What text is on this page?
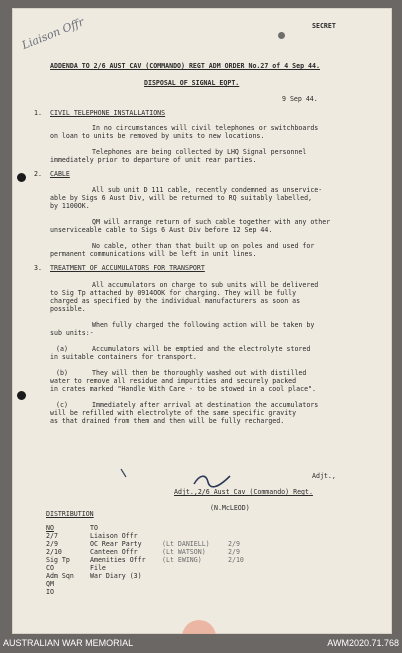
Liaison Offr	SECRET

ADDENDA TO 2/6 AUST CAV (COMMANDO) REGT ADM ORDER No.27 of 4 Sep 44.

DISPOSAL OF SIGNAL EQPT.

9 Sep 44.

1. CIVIL TELEPHONE INSTALLATIONS

In no circumstances will civil telephones or switchboards

on loan to units be removed by units to new locations.

Telephones are being collected by LHQ Signal personnel

immediately prior to departure of unit rear parties.

2. CABLE

All sub unit D 111 cable, recently condemned as unservice-

able by Sigs 6 Aust Div, will be returned to RQ suitably labelled,

by 1100OK.

QM will arrange return of such cable together with any other

unserviceable cable to Sigs 6 Aust Div before 12 Sep 44.

No cable, other than that built up on poles and used for

permanent communications will be left in unit lines.

3. TREATMENT OF ACCUMULATORS FOR TRANSPORT

All accumulators on charge to sub units will be delivered

to Sig Tp attached by 0914OOK for charging. They will be fully

charged as specified by the individual manufacturers as soon as

possible.

When fully charged the following action will be taken by

sub units:-

(a)	Accumulators will be emptied and the electrolyte stored

in suitable containers for transport.

(b)	They will then be thoroughly washed out with distilled

water to remove all residue and impurities and securely packed

in crates marked "Handle With Care - to be stowed in a cool place".

(c)	Immediately after arrival at destination the accumulators

will be refilled with electrolyte of the same specific gravity

as that drained from them and then will be fully recharged.

Adjt.,

Adjt.,2/6 Aust Cav (Commando) Regt.

(N.McLEOD)

DISTRIBUTION

NO	TO

2/7	Liaison Offr

2/9	OC Rear Party	(Lt DANIELL)	2/9

2/10	Canteen Offr	(Lt WATSON)	2/9

Sig Tp	Amenities Offr (Lt EWING)	2/10

CO	File

Adm Sqn War Diary (3)

QM

IO

AUSTRALIAN WAR MEMORIAL	AWM2020.71.768
